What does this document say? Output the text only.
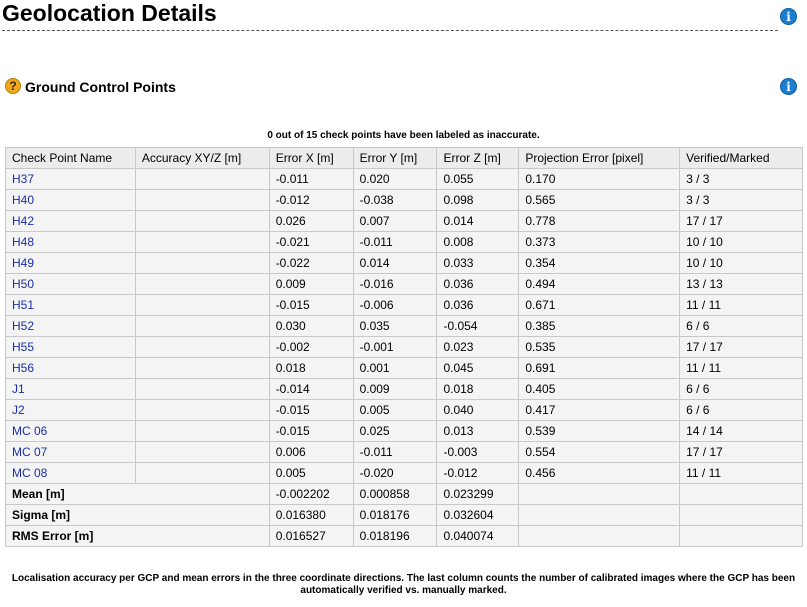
Geolocation Details	i
? Ground Control Points	i
0 out of 15 check points have been labeled as inaccurate.
Check Point Name	Accuracy XY/Z [m]	Error X [m]	Error Y [m]	Error Z [m]	Projection Error [pixel]	Verified/Marked
H37		-0.011	0.020	0.055	0.170	3 / 3
H40		-0.012	-0.038	0.098	0.565	3 / 3
H42		0.026	0.007	0.014	0.778	17 / 17
H48		-0.021	-0.011	0.008	0.373	10 / 10
H49		-0.022	0.014	0.033	0.354	10 / 10
H50		0.009	-0.016	0.036	0.494	13 / 13
H51		-0.015	-0.006	0.036	0.671	11 / 11
H52		0.030	0.035	-0.054	0.385	6 / 6
H55		-0.002	-0.001	0.023	0.535	17 / 17
H56		0.018	0.001	0.045	0.691	11 / 11
J1		-0.014	0.009	0.018	0.405	6 / 6
J2		-0.015	0.005	0.040	0.417	6 / 6
MC 06		-0.015	0.025	0.013	0.539	14 / 14
MC 07		0.006	-0.011	-0.003	0.554	17 / 17
MC 08		0.005	-0.020	-0.012	0.456	11 / 11
Mean [m]		-0.002202	0.000858	0.023299		
Sigma [m]		0.016380	0.018176	0.032604		
RMS Error [m]		0.016527	0.018196	0.040074		
Localisation accuracy per GCP and mean errors in the three coordinate directions. The last column counts the number of calibrated images where the GCP has been automatically verified vs. manually marked.
